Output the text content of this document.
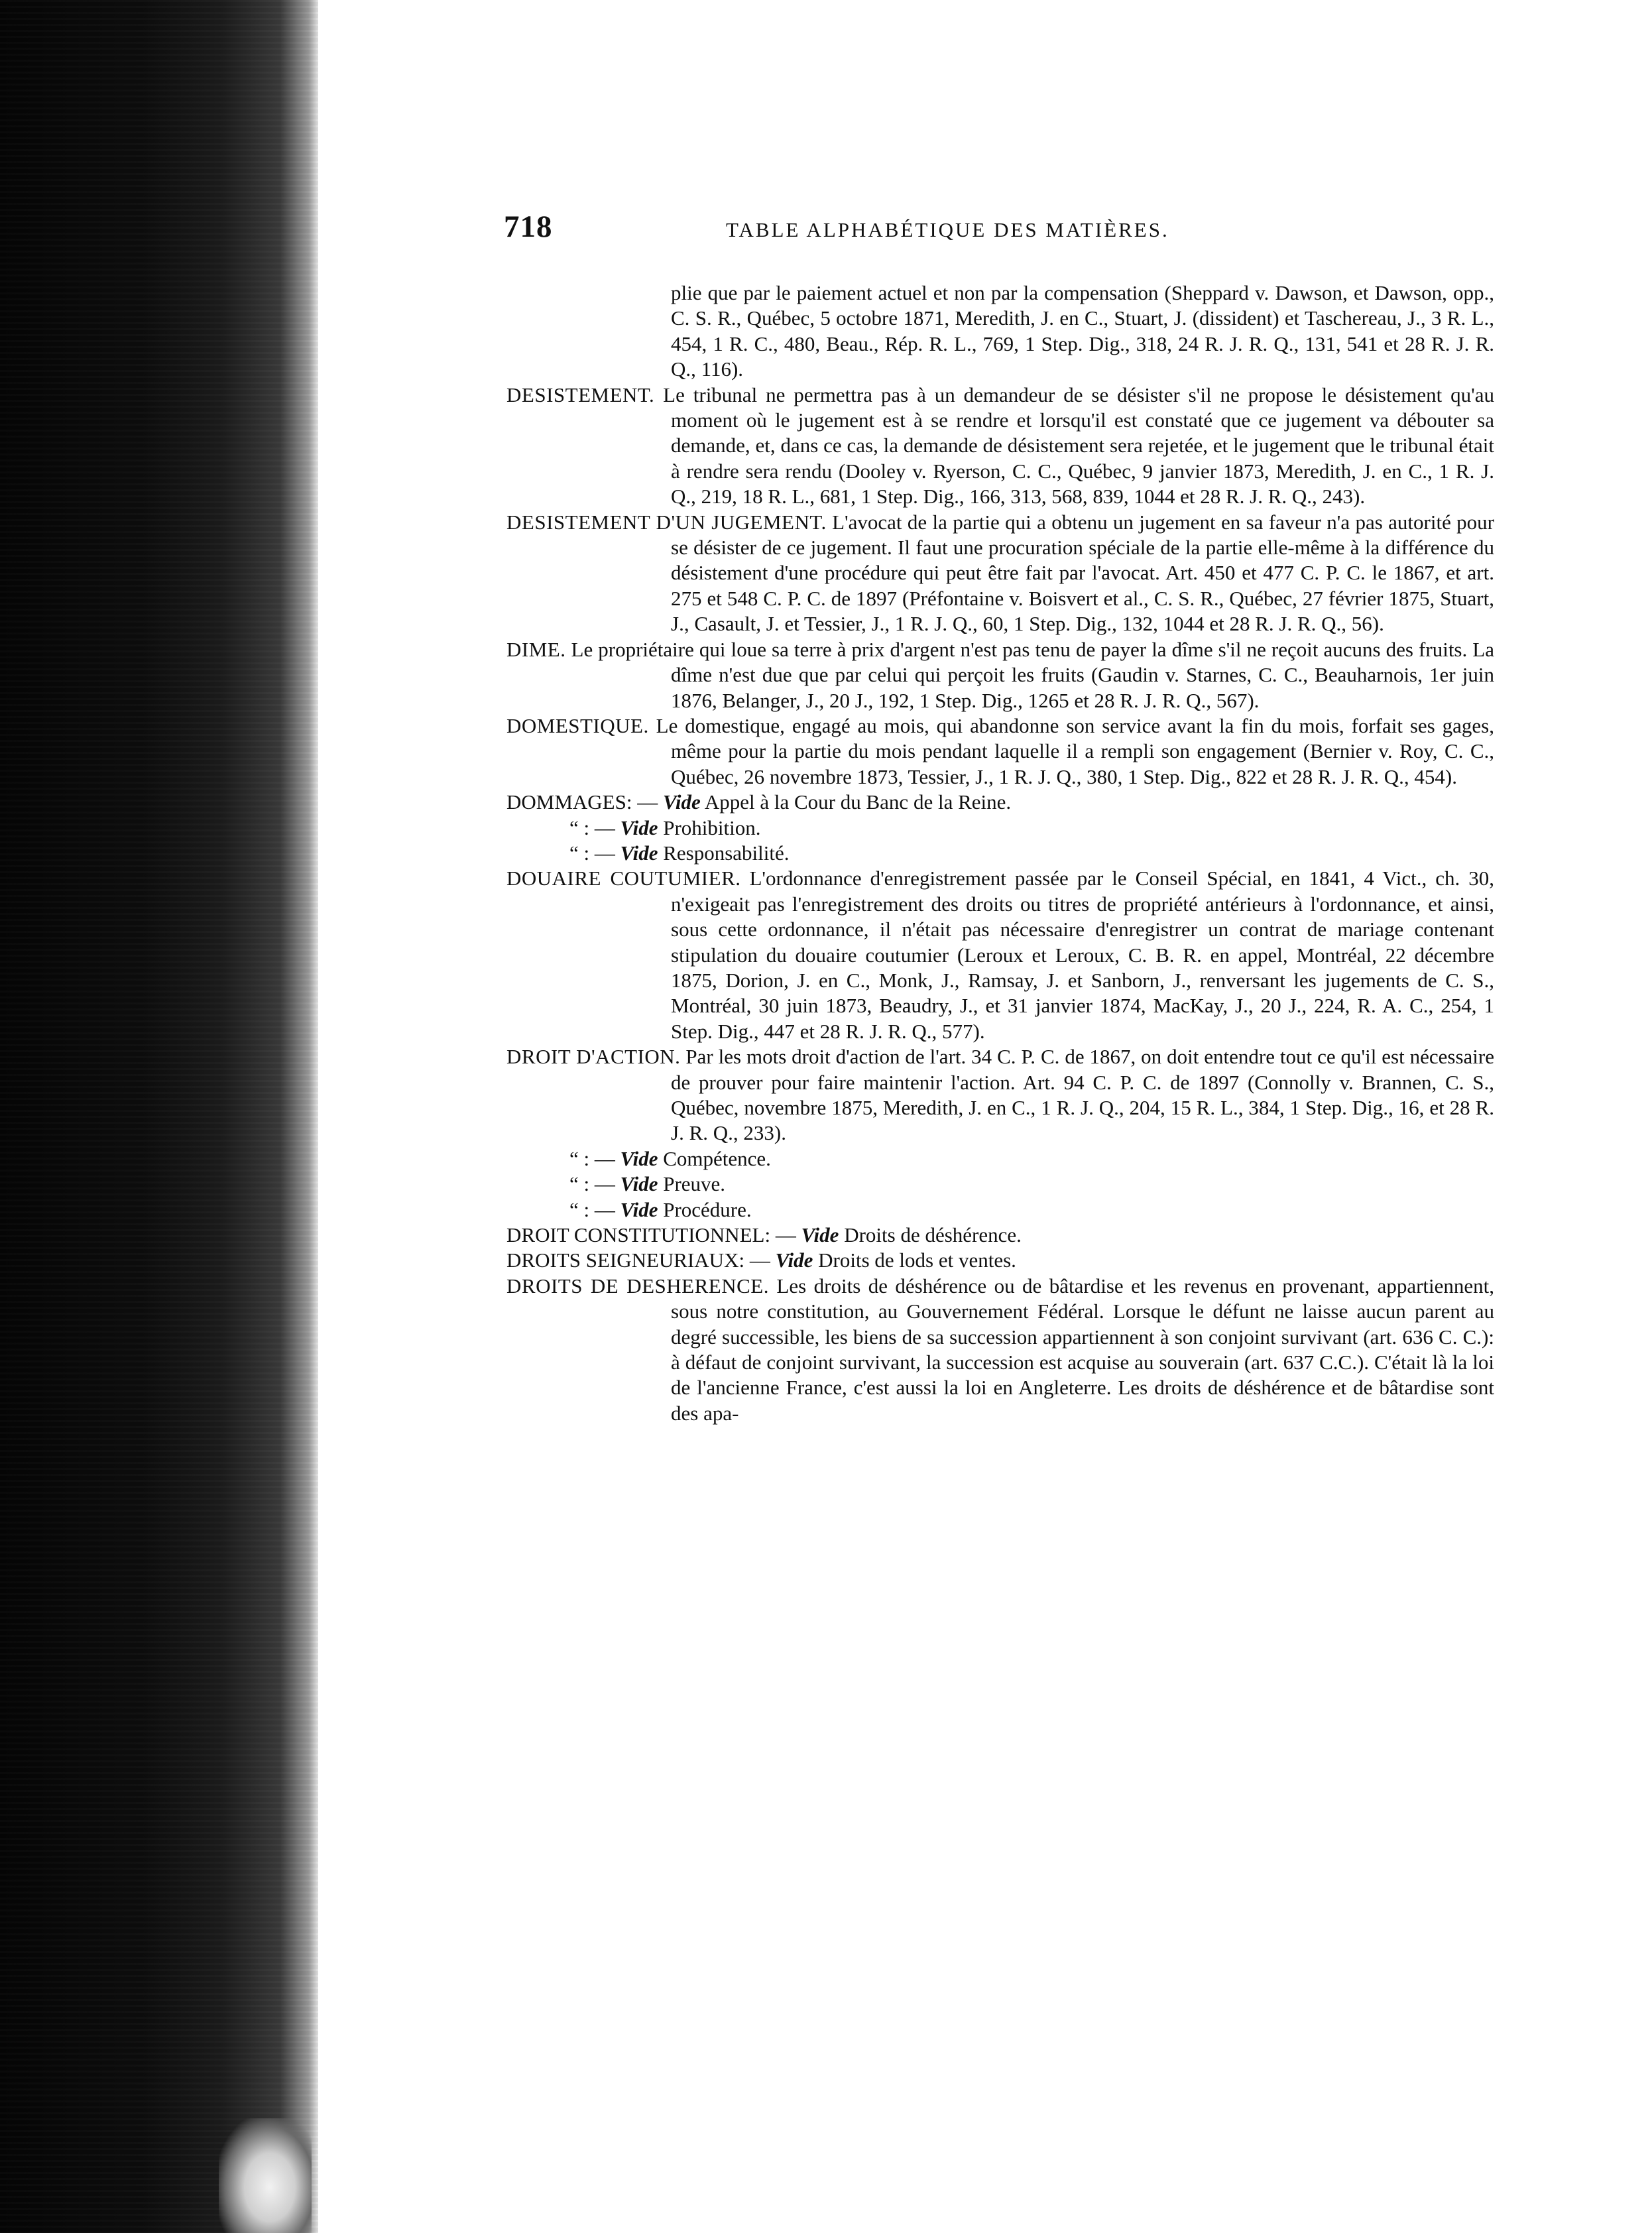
718	TABLE ALPHABÉTIQUE DES MATIÈRES.

plie que par le paiement actuel et non par la compensation (Sheppard v. Dawson, et Dawson, opp., C. S. R., Québec, 5 octobre 1871, Meredith, J. en C., Stuart, J. (dissident) et Taschereau, J., 3 R. L., 454, 1 R. C., 480, Beau., Rép. R. L., 769, 1 Step. Dig., 318, 24 R. J. R. Q., 131, 541 et 28 R. J. R. Q., 116).

DESISTEMENT. Le tribunal ne permettra pas à un demandeur de se désister s'il ne propose le désistement qu'au moment où le jugement est à se rendre et lorsqu'il est constaté que ce jugement va débouter sa demande, et, dans ce cas, la demande de désistement sera rejetée, et le jugement que le tribunal était à rendre sera rendu (Dooley v. Ryerson, C. C., Québec, 9 janvier 1873, Meredith, J. en C., 1 R. J. Q., 219, 18 R. L., 681, 1 Step. Dig., 166, 313, 568, 839, 1044 et 28 R. J. R. Q., 243).

DESISTEMENT D'UN JUGEMENT. L'avocat de la partie qui a obtenu un jugement en sa faveur n'a pas autorité pour se désister de ce jugement. Il faut une procuration spéciale de la partie elle-même à la différence du désistement d'une procédure qui peut être fait par l'avocat. Art. 450 et 477 C. P. C. le 1867, et art. 275 et 548 C. P. C. de 1897 (Préfontaine v. Boisvert et al., C. S. R., Québec, 27 février 1875, Stuart, J., Casault, J. et Tessier, J., 1 R. J. Q., 60, 1 Step. Dig., 132, 1044 et 28 R. J. R. Q., 56).

DIME. Le propriétaire qui loue sa terre à prix d'argent n'est pas tenu de payer la dîme s'il ne reçoit aucuns des fruits. La dîme n'est due que par celui qui perçoit les fruits (Gaudin v. Starnes, C. C., Beauharnois, 1er juin 1876, Belanger, J., 20 J., 192, 1 Step. Dig., 1265 et 28 R. J. R. Q., 567).

DOMESTIQUE. Le domestique, engagé au mois, qui abandonne son service avant la fin du mois, forfait ses gages, même pour la partie du mois pendant laquelle il a rempli son engagement (Bernier v. Roy, C. C., Québec, 26 novembre 1873, Tessier, J., 1 R. J. Q., 380, 1 Step. Dig., 822 et 28 R. J. R. Q., 454).

DOMMAGES: — Vide Appel à la Cour du Banc de la Reine.

“ : — Vide Prohibition.

“ : — Vide Responsabilité.

DOUAIRE COUTUMIER. L'ordonnance d'enregistrement passée par le Conseil Spécial, en 1841, 4 Vict., ch. 30, n'exigeait pas l'enregistrement des droits ou titres de propriété antérieurs à l'ordonnance, et ainsi, sous cette ordonnance, il n'était pas nécessaire d'enregistrer un contrat de mariage contenant stipulation du douaire coutumier (Leroux et Leroux, C. B. R. en appel, Montréal, 22 décembre 1875, Dorion, J. en C., Monk, J., Ramsay, J. et Sanborn, J., renversant les jugements de C. S., Montréal, 30 juin 1873, Beaudry, J., et 31 janvier 1874, MacKay, J., 20 J., 224, R. A. C., 254, 1 Step. Dig., 447 et 28 R. J. R. Q., 577).

DROIT D'ACTION. Par les mots droit d'action de l'art. 34 C. P. C. de 1867, on doit entendre tout ce qu'il est nécessaire de prouver pour faire maintenir l'action. Art. 94 C. P. C. de 1897 (Connolly v. Brannen, C. S., Québec, novembre 1875, Meredith, J. en C., 1 R. J. Q., 204, 15 R. L., 384, 1 Step. Dig., 16, et 28 R. J. R. Q., 233).

“ : — Vide Compétence.

“ : — Vide Preuve.

“ : — Vide Procédure.

DROIT CONSTITUTIONNEL: — Vide Droits de déshérence.

DROITS SEIGNEURIAUX: — Vide Droits de lods et ventes.

DROITS DE DESHERENCE. Les droits de déshérence ou de bâtardise et les revenus en provenant, appartiennent, sous notre constitution, au Gouvernement Fédéral. Lorsque le défunt ne laisse aucun parent au degré successible, les biens de sa succession appartiennent à son conjoint survivant (art. 636 C. C.): à défaut de conjoint survivant, la succession est acquise au souverain (art. 637 C.C.). C'était là la loi de l'ancienne France, c'est aussi la loi en Angleterre. Les droits de déshérence et de bâtardise sont des apa-
